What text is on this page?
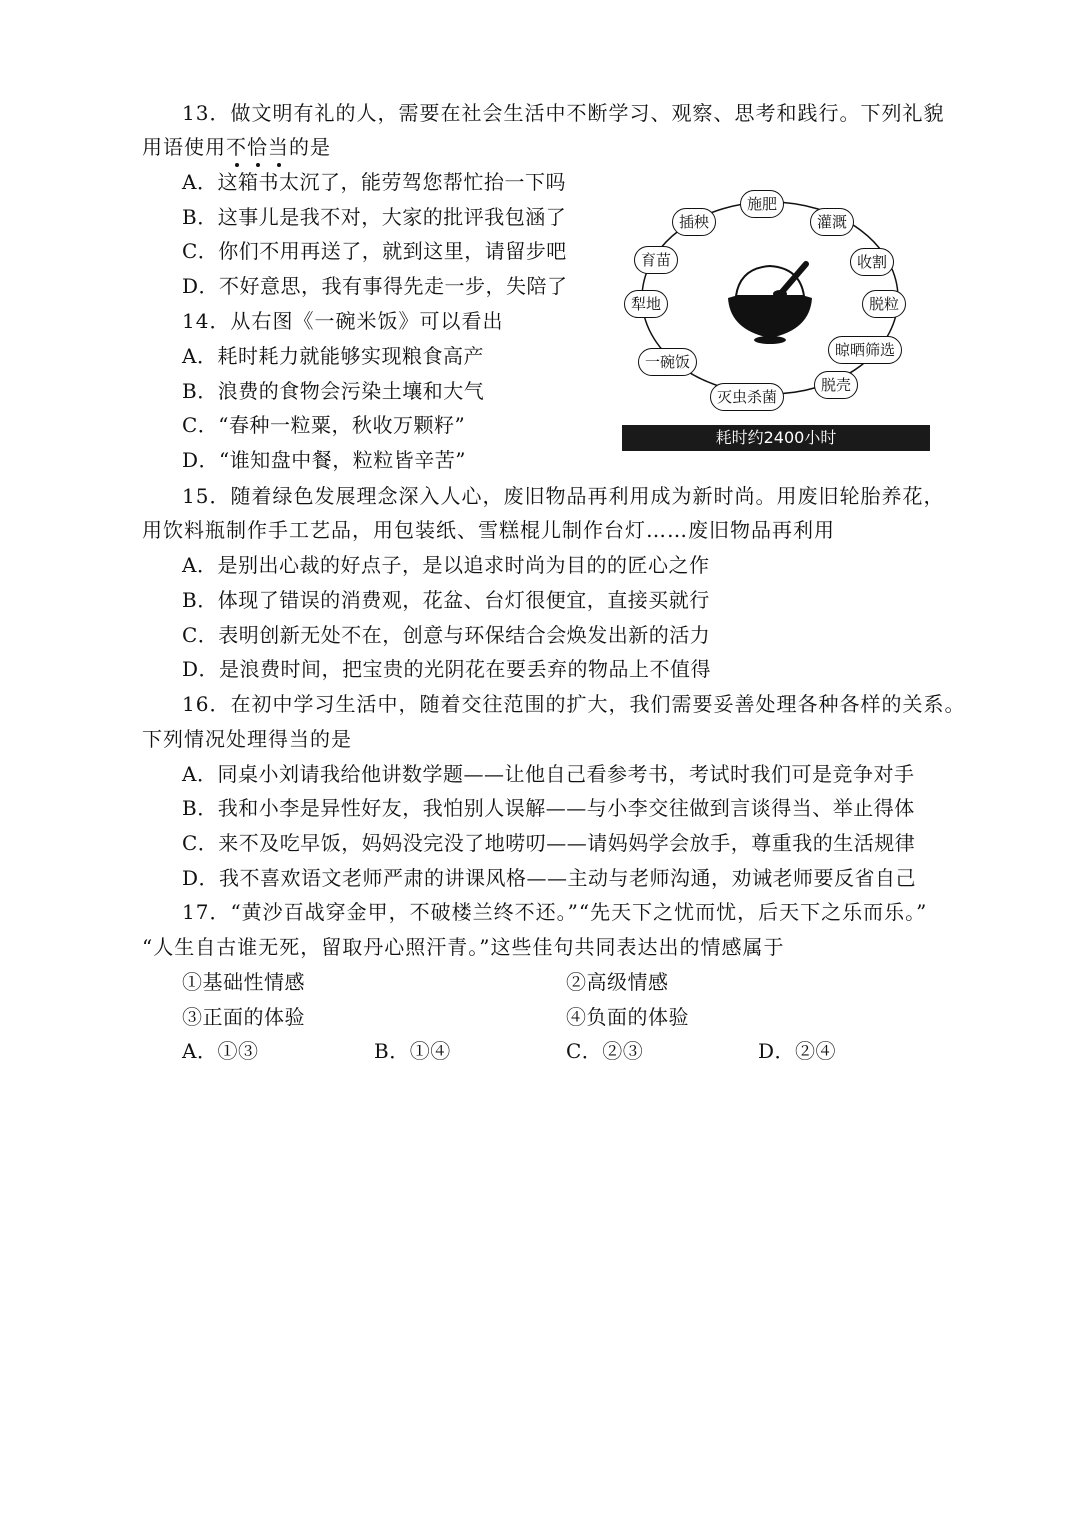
13．做文明有礼的人，需要在社会生活中不断学习、观察、思考和践行。下列礼貌
用语使用不恰当的是
A．这箱书太沉了，能劳驾您帮忙抬一下吗
B．这事儿是我不对，大家的批评我包涵了
C．你们不用再送了，就到这里，请留步吧
D．不好意思，我有事得先走一步，失陪了
14．从右图《一碗米饭》可以看出
A．耗时耗力就能够实现粮食高产
B．浪费的食物会污染土壤和大气
C．“春种一粒粟，秋收万颗籽”
D．“谁知盘中餐，粒粒皆辛苦”
施肥
插秧	灌溉
育苗	收割
犁地	脱粒
晾晒筛选
一碗饭
脱壳
灭虫杀菌
耗时约2400小时
15．随着绿色发展理念深入人心，废旧物品再利用成为新时尚。用废旧轮胎养花，
用饮料瓶制作手工艺品，用包装纸、雪糕棍儿制作台灯……废旧物品再利用
A．是别出心裁的好点子，是以追求时尚为目的的匠心之作
B．体现了错误的消费观，花盆、台灯很便宜，直接买就行
C．表明创新无处不在，创意与环保结合会焕发出新的活力
D．是浪费时间，把宝贵的光阴花在要丢弃的物品上不值得
16．在初中学习生活中，随着交往范围的扩大，我们需要妥善处理各种各样的关系。
下列情况处理得当的是
A．同桌小刘请我给他讲数学题——让他自己看参考书，考试时我们可是竞争对手
B．我和小李是异性好友，我怕别人误解——与小李交往做到言谈得当、举止得体
C．来不及吃早饭，妈妈没完没了地唠叨——请妈妈学会放手，尊重我的生活规律
D．我不喜欢语文老师严肃的讲课风格——主动与老师沟通，劝诫老师要反省自己
17．“黄沙百战穿金甲，不破楼兰终不还。”“先天下之忧而忧，后天下之乐而乐。”
“人生自古谁无死，留取丹心照汗青。”这些佳句共同表达出的情感属于
①基础性情感	②高级情感
③正面的体验	④负面的体验
A．①③	B．①④	C．②③	D．②④
